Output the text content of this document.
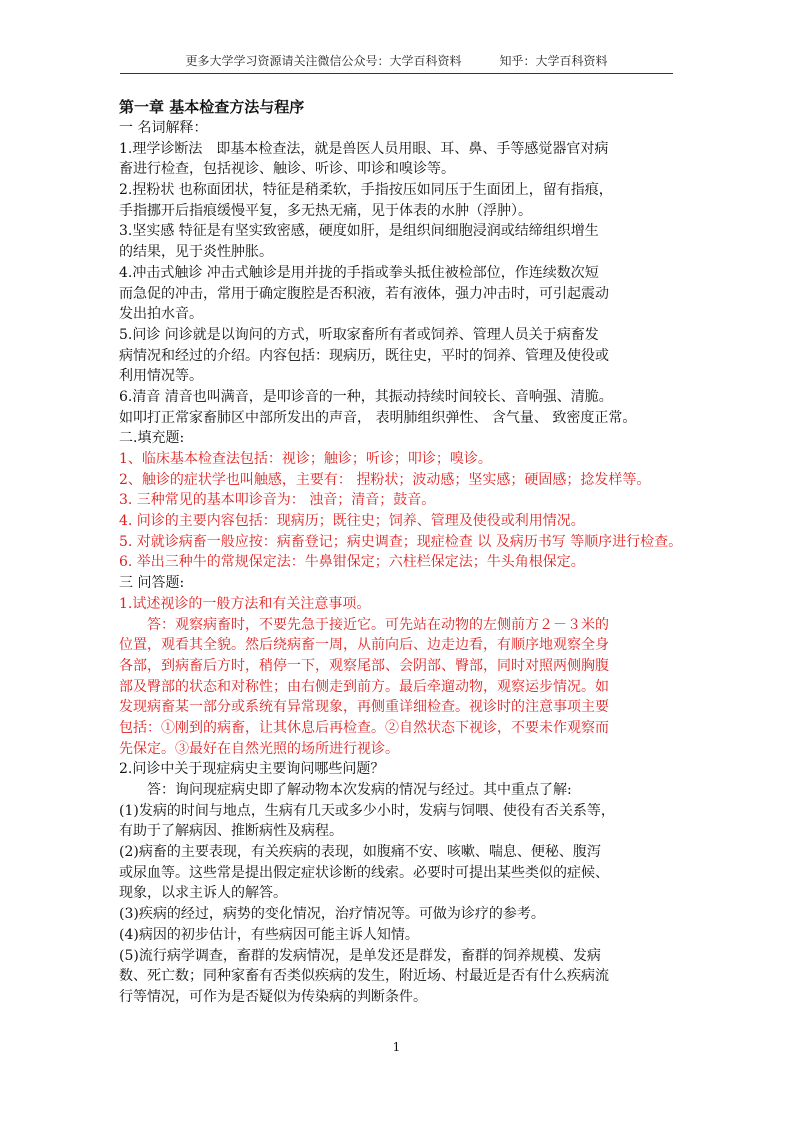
更多大学学习资源请关注微信公众号：大学百科资料	知乎：大学百科资料
第一章 基本检查方法与程序
一 名词解释：
1.理学诊断法　即基本检查法，就是兽医人员用眼、耳、鼻、手等感觉器官对病
畜进行检查，包括视诊、触诊、听诊、叩诊和嗅诊等。
2.捏粉状 也称面团状，特征是稍柔软，手指按压如同压于生面团上，留有指痕，
手指挪开后指痕缓慢平复，多无热无痛，见于体表的水肿（浮肿）。
3.坚实感 特征是有坚实致密感，硬度如肝，是组织间细胞浸润或结缔组织增生
的结果，见于炎性肿胀。
4.冲击式触诊 冲击式触诊是用并拢的手指或拳头抵住被检部位，作连续数次短
而急促的冲击，常用于确定腹腔是否积液，若有液体，强力冲击时，可引起震动
发出拍水音。
5.问诊 问诊就是以询问的方式，听取家畜所有者或饲养、管理人员关于病畜发
病情况和经过的介绍。内容包括：现病历，既往史，平时的饲养、管理及使役或
利用情况等。
6.清音 清音也叫满音，是叩诊音的一种，其振动持续时间较长、音响强、清脆。
如叩打正常家畜肺区中部所发出的声音， 表明肺组织弹性、 含气量、 致密度正常。
二.填充题:
1、临床基本检查法包括：视诊；触诊；听诊；叩诊；嗅诊。
2、触诊的症状学也叫触感，主要有： 捏粉状；波动感；坚实感；硬固感；捻发样等。
3. 三种常见的基本叩诊音为： 浊音；清音；鼓音。
4. 问诊的主要内容包括：现病历；既往史；饲养、管理及使役或利用情况。
5. 对就诊病畜一般应按：病畜登记；病史调查；现症检查 以 及病历书写 等顺序进行检查。
6. 举出三种牛的常规保定法：牛鼻钳保定；六柱栏保定法；牛头角根保定。
三 问答题:
1.试述视诊的一般方法和有关注意事项。
　　答：观察病畜时，不要先急于接近它。可先站在动物的左侧前方２－３米的
位置，观看其全貌。然后绕病畜一周，从前向后、边走边看，有顺序地观察全身
各部，到病畜后方时，稍停一下，观察尾部、会阴部、臀部，同时对照两侧胸腹
部及臀部的状态和对称性；由右侧走到前方。最后牵遛动物，观察运步情况。如
发现病畜某一部分或系统有异常现象，再侧重详细检查。视诊时的注意事项主要
包括：①刚到的病畜，让其休息后再检查。②自然状态下视诊，不要未作观察而
先保定。③最好在自然光照的场所进行视诊。
2.问诊中关于现症病史主要询问哪些问题？
　　答：询问现症病史即了解动物本次发病的情况与经过。其中重点了解:
(1)发病的时间与地点，生病有几天或多少小时，发病与饲喂、使役有否关系等，
有助于了解病因、推断病性及病程。
(2)病畜的主要表现，有关疾病的表现，如腹痛不安、咳嗽、喘息、便秘、腹泻
或尿血等。这些常是提出假定症状诊断的线索。必要时可提出某些类似的症候、
现象，以求主诉人的解答。
(3)疾病的经过，病势的变化情况，治疗情况等。可做为诊疗的参考。
(4)病因的初步估计，有些病因可能主诉人知情。
(5)流行病学调查，畜群的发病情况，是单发还是群发，畜群的饲养规模、发病
数、死亡数；同种家畜有否类似疾病的发生，附近场、村最近是否有什么疾病流
行等情况，可作为是否疑似为传染病的判断条件。
1
